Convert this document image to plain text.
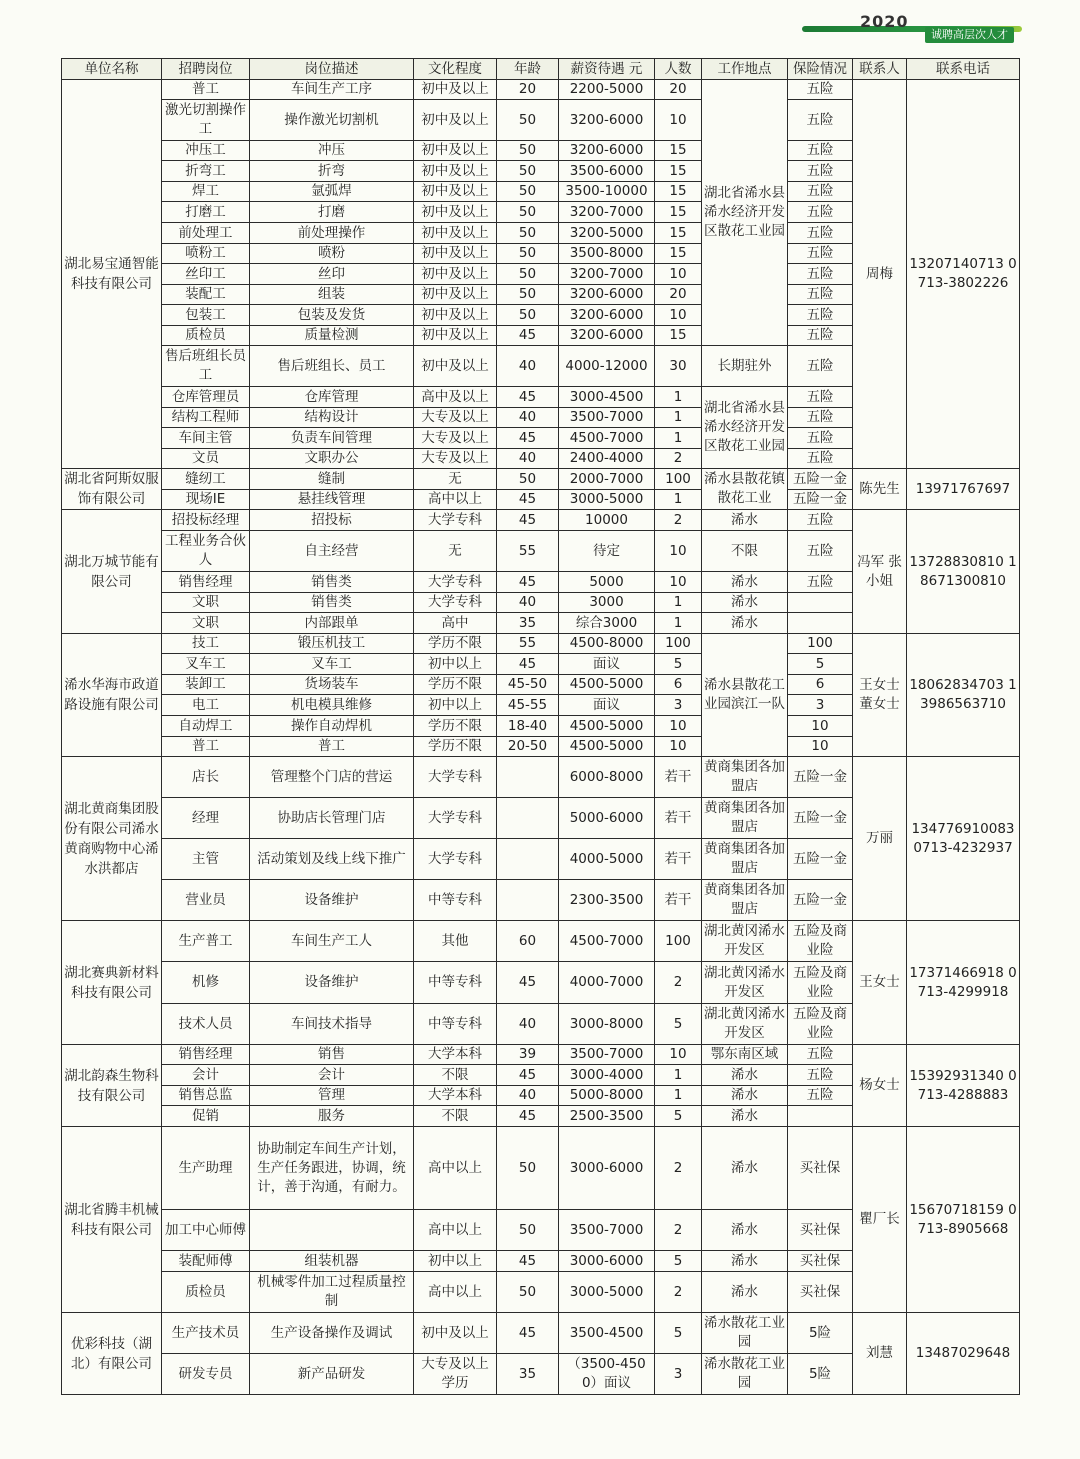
2020
诚聘高层次人才
单位名称	招聘岗位	岗位描述	文化程度	年龄	薪资待遇 元	人数	工作地点	保险情况	联系人	联系电话
湖北易宝通智能科技有限公司	普工	车间生产工序	初中及以上	20	2200-5000	20	湖北省浠水县浠水经济开发区散花工业园	五险	周梅	13207140713 0713-3802226
	激光切割操作工	操作激光切割机	初中及以上	50	3200-6000	10		五险		
	冲压工	冲压	初中及以上	50	3200-6000	15		五险		
	折弯工	折弯	初中及以上	50	3500-6000	15		五险		
	焊工	氩弧焊	初中及以上	50	3500-10000	15		五险		
	打磨工	打磨	初中及以上	50	3200-7000	15		五险		
	前处理工	前处理操作	初中及以上	50	3200-5000	15		五险		
	喷粉工	喷粉	初中及以上	50	3500-8000	15		五险		
	丝印工	丝印	初中及以上	50	3200-7000	10		五险		
	装配工	组装	初中及以上	50	3200-6000	20		五险		
	包装工	包装及发货	初中及以上	50	3200-6000	10		五险		
	质检员	质量检测	初中及以上	45	3200-6000	15		五险		
	售后班组长员工	售后班组长、员工	初中及以上	40	4000-12000	30	长期驻外	五险		
	仓库管理员	仓库管理	高中及以上	45	3000-4500	1	湖北省浠水县浠水经济开发区散花工业园	五险		
	结构工程师	结构设计	大专及以上	40	3500-7000	1		五险		
	车间主管	负责车间管理	大专及以上	45	4500-7000	1		五险		
	文员	文职办公	大专及以上	40	2400-4000	2		五险		
湖北省阿斯奴服饰有限公司	缝纫工	缝制	无	50	2000-7000	100	浠水县散花镇散花工业	五险一金	陈先生	13971767697
	现场IE	悬挂线管理	高中以上	45	3000-5000	1		五险一金		
湖北万城节能有限公司	招投标经理	招投标	大学专科	45	10000	2	浠水	五险	冯军 张小姐	13728830810 18671300810
	工程业务合伙人	自主经营	无	55	待定	10	不限	五险		
	销售经理	销售类	大学专科	45	5000	10	浠水	五险		
	文职	销售类	大学专科	40	3000	1	浠水			
	文职	内部跟单	高中	35	综合3000	1	浠水			
浠水华海市政道路设施有限公司	技工	锻压机技工	学历不限	55	4500-8000	100	浠水县散花工业园滨江一队	100	王女士 董女士	18062834703 13986563710
	叉车工	叉车工	初中以上	45	面议	5		5		
	装卸工	货场装车	学历不限	45-50	4500-5000	6		6		
	电工	机电模具维修	初中以上	45-55	面议	3		3		
	自动焊工	操作自动焊机	学历不限	18-40	4500-5000	10		10		
	普工	普工	学历不限	20-50	4500-5000	10		10		
湖北黄商集团股份有限公司浠水黄商购物中心浠水洪都店	店长	管理整个门店的营运	大学专科		6000-8000	若干	黄商集团各加盟店	五险一金	万丽	134776910083 0713-4232937
	经理	协助店长管理门店	大学专科		5000-6000	若干	黄商集团各加盟店	五险一金		
	主管	活动策划及线上线下推广	大学专科		4000-5000	若干	黄商集团各加盟店	五险一金		
	营业员	设备维护	中等专科		2300-3500	若干	黄商集团各加盟店	五险一金		
湖北赛典新材料科技有限公司	生产普工	车间生产工人	其他	60	4500-7000	100	湖北黄冈浠水开发区	五险及商业险	王女士	17371466918 0713-4299918
	机修	设备维护	中等专科	45	4000-7000	2	湖北黄冈浠水开发区	五险及商业险		
	技术人员	车间技术指导	中等专科	40	3000-8000	5	湖北黄冈浠水开发区	五险及商业险		
湖北韵森生物科技有限公司	销售经理	销售	大学本科	39	3500-7000	10	鄂东南区域	五险	杨女士	15392931340 0713-4288883
	会计	会计	不限	45	3000-4000	1	浠水	五险		
	销售总监	管理	大学本科	40	5000-8000	1	浠水	五险		
	促销	服务	不限	45	2500-3500	5	浠水			
湖北省腾丰机械科技有限公司	生产助理	协助制定车间生产计划，生产任务跟进，协调，统计，善于沟通，有耐力。	高中以上	50	3000-6000	2	浠水	买社保	瞿厂长	15670718159 0713-8905668
	加工中心师傅		高中以上	50	3500-7000	2	浠水	买社保		
	装配师傅	组装机器	初中以上	45	3000-6000	5	浠水	买社保		
	质检员	机械零件加工过程质量控制	高中以上	50	3000-5000	2	浠水	买社保		
优彩科技（湖北）有限公司	生产技术员	生产设备操作及调试	初中及以上	45	3500-4500	5	浠水散花工业园	5险	刘慧	13487029648
	研发专员	新产品研发	大专及以上学历	35	（3500-4500）面议	3	浠水散花工业园	5险		
